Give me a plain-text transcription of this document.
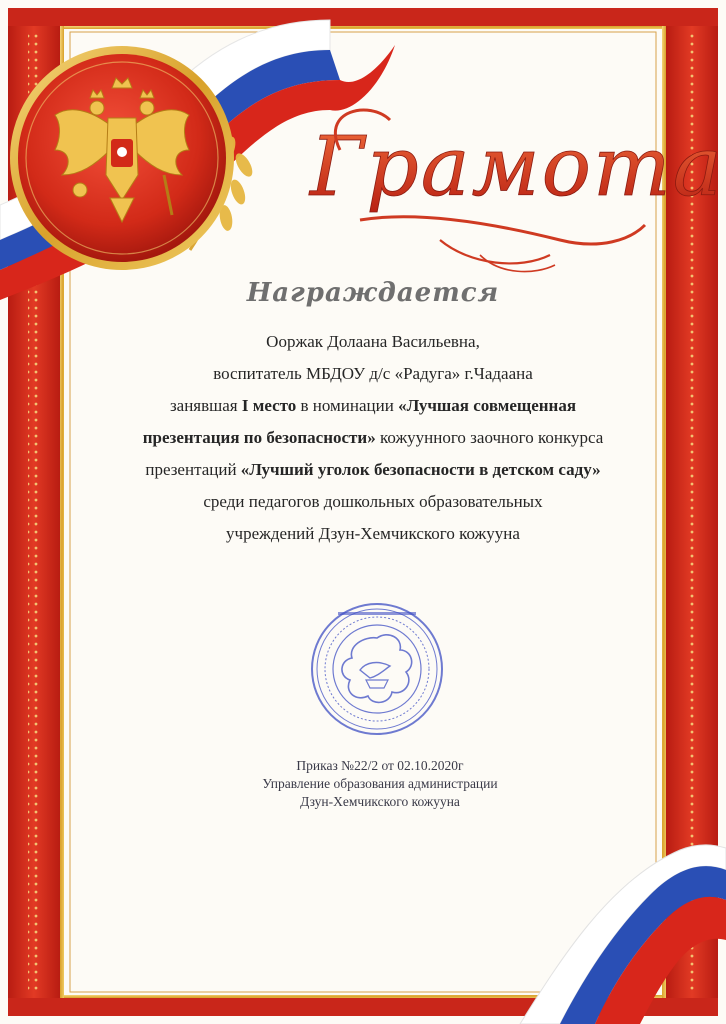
Грамота
Награждается
Ооржак Долаана Васильевна,
воспитатель МБДОУ д/с «Радуга» г.Чадаана
занявшая I место в номинации «Лучшая совмещенная
презентация по безопасности» кожуунного заочного конкурса
презентаций «Лучший уголок безопасности в детском саду»
среди педагогов дошкольных образовательных
учреждений Дзун-Хемчикского кожууна
Приказ №22/2 от 02.10.2020г
Управление образования администрации
Дзун-Хемчикского кожууна
